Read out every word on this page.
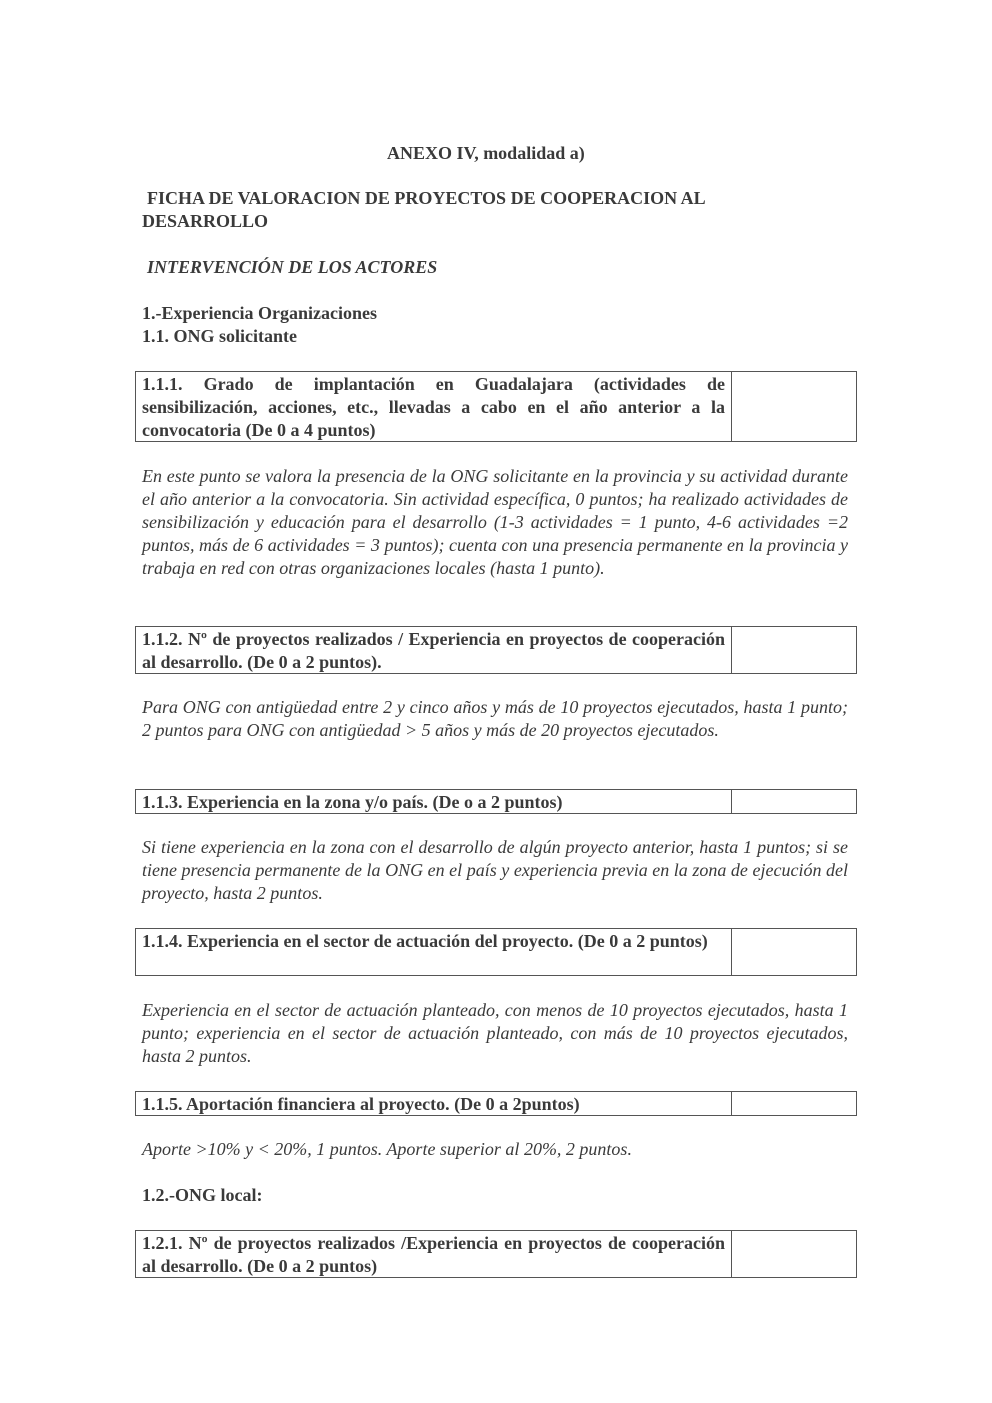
ANEXO IV, modalidad a)
FICHA DE VALORACION DE PROYECTOS DE COOPERACION AL
DESARROLLO
INTERVENCIÓN DE LOS ACTORES
1.-Experiencia Organizaciones
1.1. ONG solicitante
1.1.1. Grado de implantación en Guadalajara (actividades de sensibilización, acciones, etc., llevadas a cabo en el año anterior a la convocatoria (De 0 a 4 puntos)
En este punto se valora la presencia de la ONG solicitante en la provincia y su actividad durante el año anterior a la convocatoria. Sin actividad específica, 0 puntos; ha realizado actividades de sensibilización y educación para el desarrollo (1-3 actividades = 1 punto, 4-6 actividades =2 puntos, más de 6 actividades = 3 puntos); cuenta con una presencia permanente en la provincia y trabaja en red con otras organizaciones locales (hasta 1 punto).
1.1.2. Nº de proyectos realizados / Experiencia en proyectos de cooperación al desarrollo. (De 0 a 2 puntos).
Para ONG con antigüedad entre 2 y cinco años y más de 10 proyectos ejecutados, hasta 1 punto; 2 puntos para ONG con antigüedad > 5 años y más de 20 proyectos ejecutados.
1.1.3. Experiencia en la zona y/o país. (De o a 2 puntos)
Si tiene experiencia en la zona con el desarrollo de algún proyecto anterior, hasta 1 puntos; si se tiene presencia permanente de la ONG en el país y experiencia previa en la zona de ejecución del proyecto, hasta 2 puntos.
1.1.4. Experiencia en el sector de actuación del proyecto. (De 0 a 2 puntos)
Experiencia en el sector de actuación planteado, con menos de 10 proyectos ejecutados, hasta 1 punto; experiencia en el sector de actuación planteado, con más de 10 proyectos ejecutados, hasta 2 puntos.
1.1.5. Aportación financiera al proyecto. (De 0 a 2puntos)
Aporte >10% y < 20%, 1 puntos. Aporte superior al 20%, 2 puntos.
1.2.-ONG local:
1.2.1. Nº de proyectos realizados /Experiencia en proyectos de cooperación al desarrollo. (De 0 a 2 puntos)
